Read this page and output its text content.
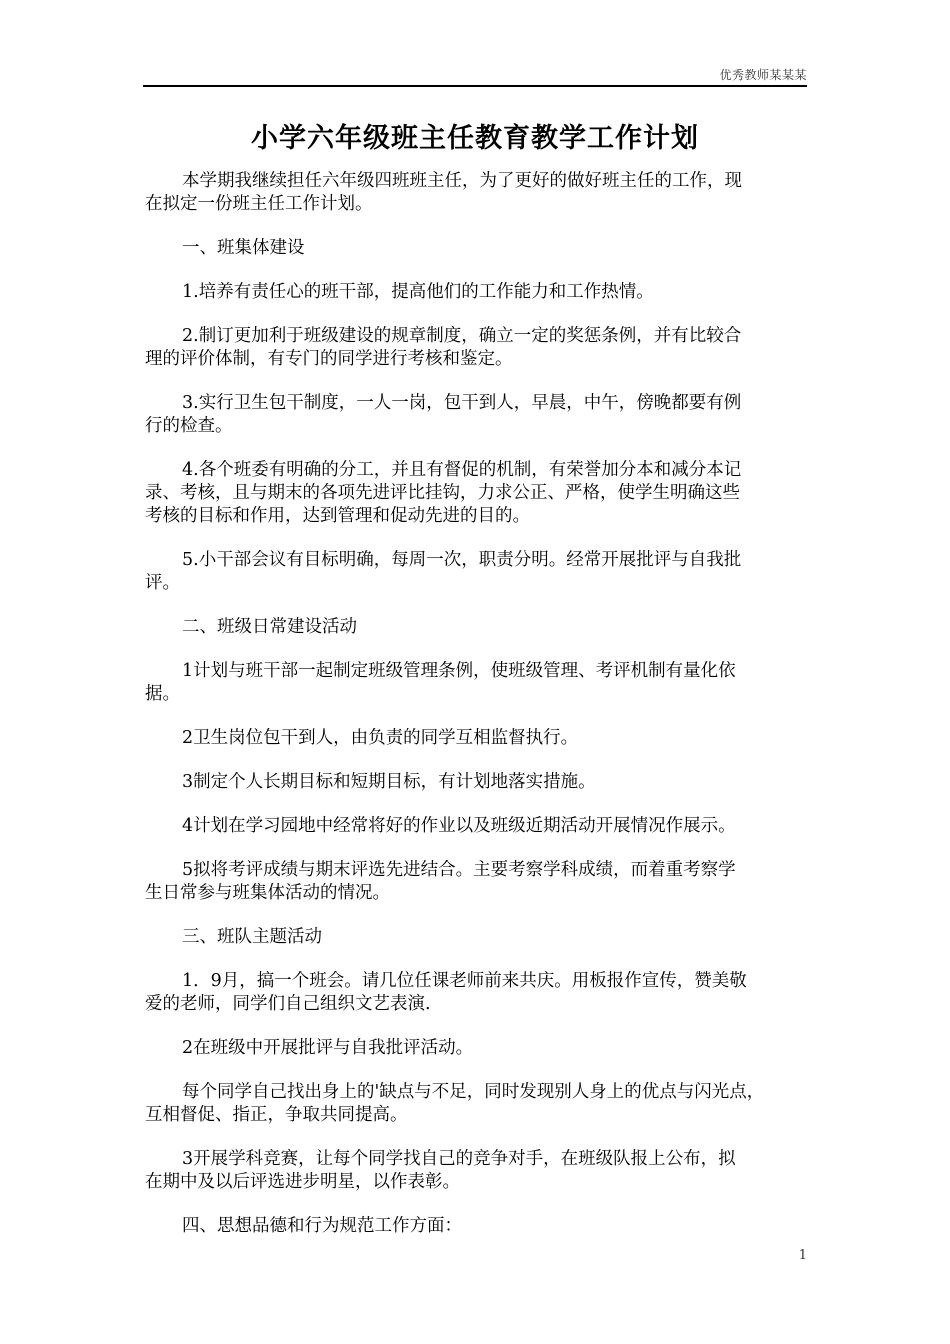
优秀教师某某某
小学六年级班主任教育教学工作计划

本学期我继续担任六年级四班班主任，为了更好的做好班主任的工作，现
在拟定一份班主任工作计划。

一、班集体建设

1.培养有责任心的班干部，提高他们的工作能力和工作热情。

2.制订更加利于班级建设的规章制度，确立一定的奖惩条例，并有比较合
理的评价体制，有专门的同学进行考核和鉴定。

3.实行卫生包干制度，一人一岗，包干到人，早晨，中午，傍晚都要有例
行的检查。

4.各个班委有明确的分工，并且有督促的机制，有荣誉加分本和减分本记
录、考核，且与期末的各项先进评比挂钩，力求公正、严格，使学生明确这些
考核的目标和作用，达到管理和促动先进的目的。

5.小干部会议有目标明确，每周一次，职责分明。经常开展批评与自我批
评。

二、班级日常建设活动

1计划与班干部一起制定班级管理条例，使班级管理、考评机制有量化依
据。

2卫生岗位包干到人，由负责的同学互相监督执行。

3制定个人长期目标和短期目标，有计划地落实措施。

4计划在学习园地中经常将好的作业以及班级近期活动开展情况作展示。

5拟将考评成绩与期末评选先进结合。主要考察学科成绩，而着重考察学
生日常参与班集体活动的情况。

三、班队主题活动

1．9月，搞一个班会。请几位任课老师前来共庆。用板报作宣传，赞美敬
爱的老师，同学们自己组织文艺表演.

2在班级中开展批评与自我批评活动。

每个同学自己找出身上的'缺点与不足，同时发现别人身上的优点与闪光点，
互相督促、指正，争取共同提高。

3开展学科竞赛，让每个同学找自己的竞争对手，在班级队报上公布，拟
在期中及以后评选进步明星，以作表彰。

四、思想品德和行为规范工作方面：

1
